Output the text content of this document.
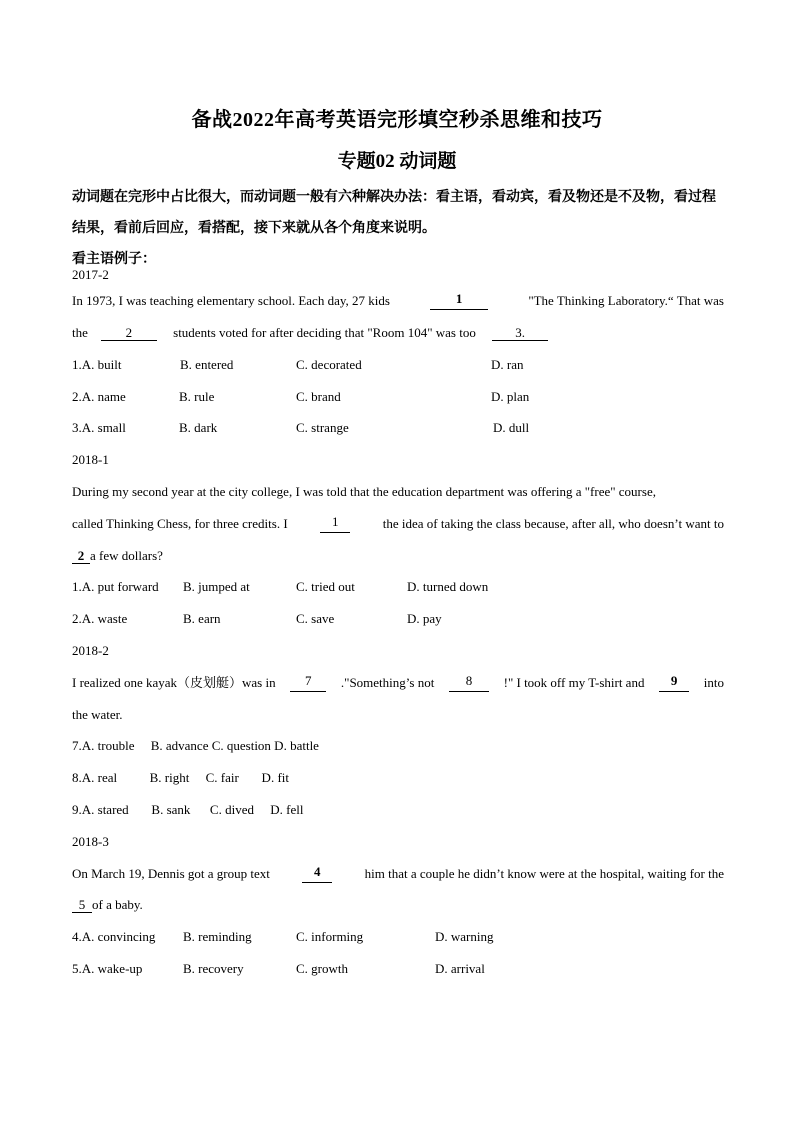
备战2022年高考英语完形填空秒杀思维和技巧
专题02 动词题
动词题在完形中占比很大，而动词题一般有六种解决办法：看主语，看动宾，看及物还是不及物，看过程结果，看前后回应，看搭配，接下来就从各个角度来说明。
看主语例子：
2017-2
In 1973, I was teaching elementary school. Each day, 27 kids	1	"The Thinking Laboratory.“ That was
the	2	students voted for after deciding that "Room 104" was too	3.
1.A. built	B. entered	C. decorated	D. ran
2.A. name	B. rule	C. brand	D. plan
3.A. small	B. dark	C. strange	D. dull
2018-1
During my second year at the city college, I was told that the education department was offering a "free" course,
called Thinking Chess, for three credits. I	1	the idea of taking the class because, after all, who doesn’t want to
2 a few dollars?
1.A. put forward B. jumped at	C. tried out	D. turned down
2.A. waste	B. earn	C. save	D. pay
2018-2
I realized one kayak（皮划艇）was in	7	."Something’s not	8	!" I took off my T-shirt and	9	into
the water.
7.A. trouble     B. advance C. question D. battle
8.A. real          B. right     C. fair       D. fit
9.A. stared       B. sank      C. dived     D. fell
2018-3
On March 19, Dennis got a group text	4	him that a couple he didn’t know were at the hospital, waiting for the
5 of a baby.
4.A. convincing B. reminding	C. informing	D. warning
5.A. wake-up	B. recovery	C. growth	D. arrival
